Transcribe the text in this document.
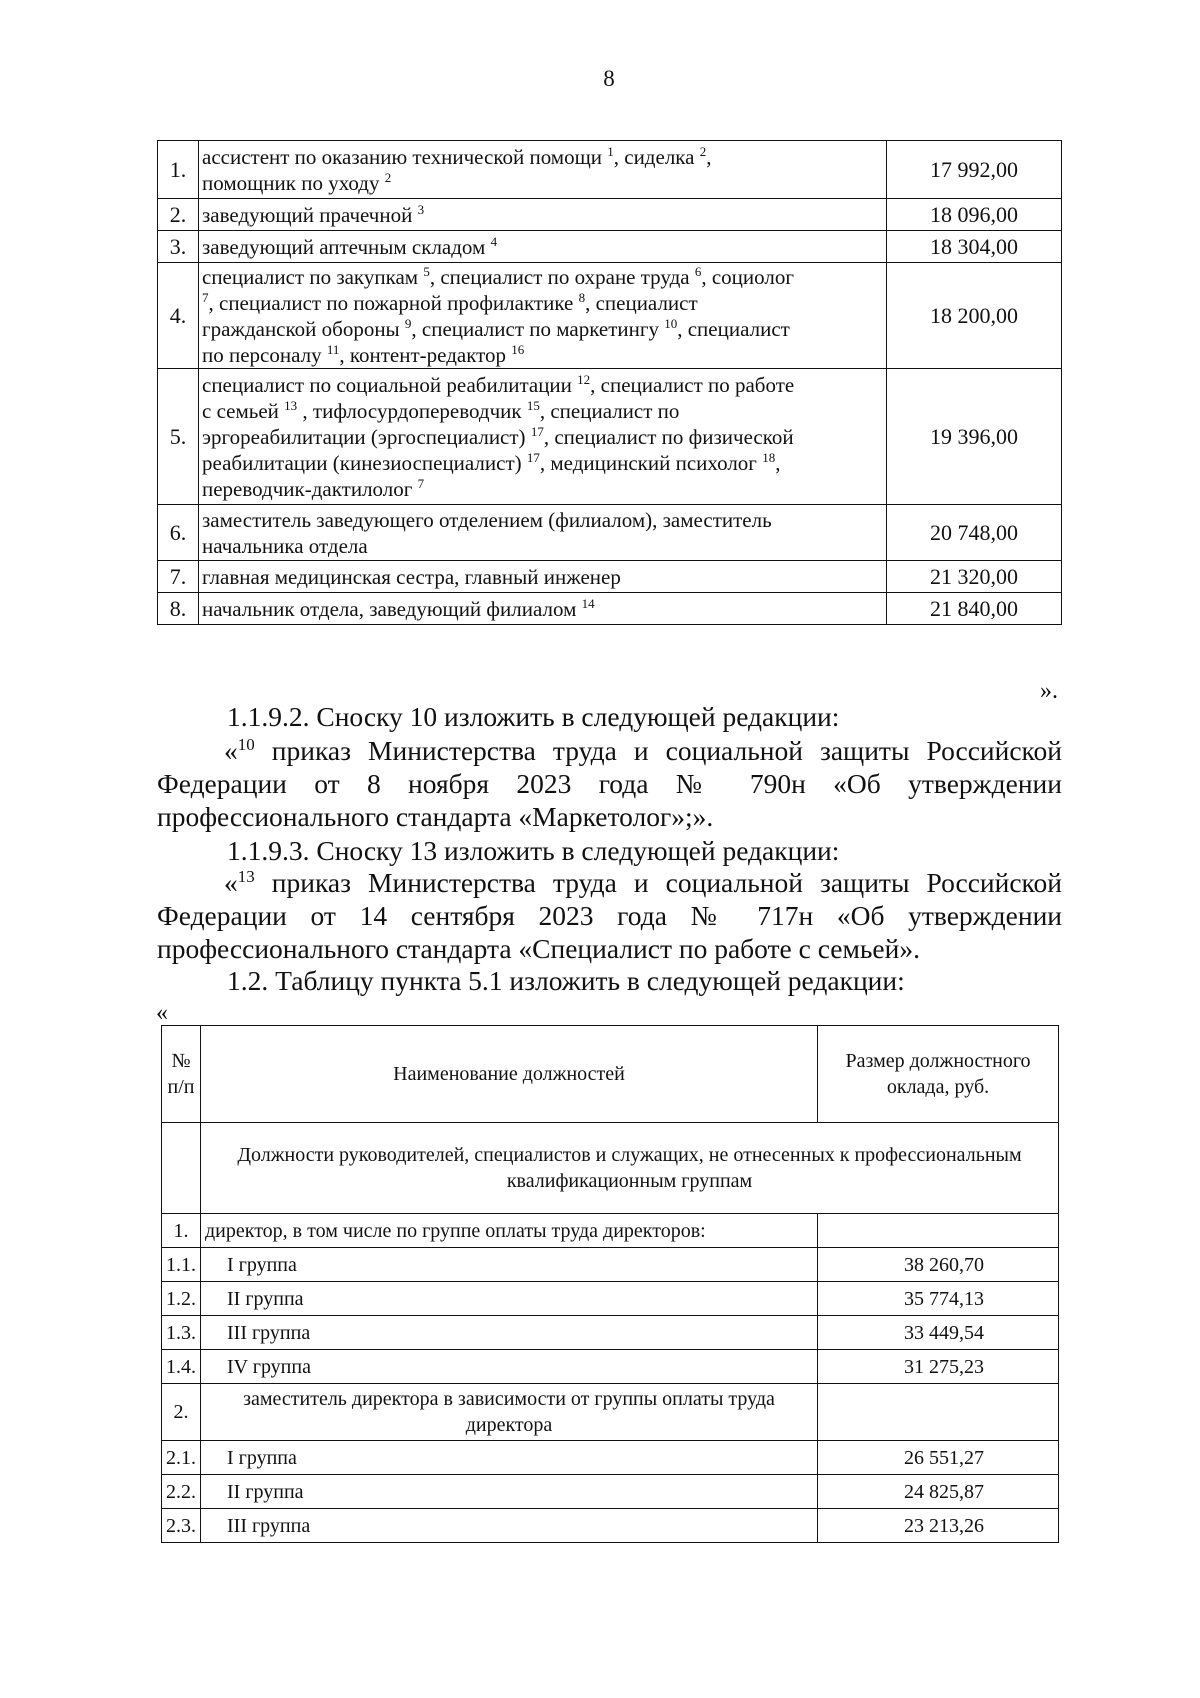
8
1.	ассистент по оказанию технической помощи $^1$, сиделка $^2$,
помощник по уходу $^2$	17 992,00
2.	заведующий прачечной $^3$	18 096,00
3.	заведующий аптечным складом $^4$	18 304,00
4.	специалист по закупкам $^5$, специалист по охране труда $^6$, социолог
$^7$, специалист по пожарной профилактике $^8$, специалист
гражданской обороны $^9$, специалист по маркетингу $^{10}$, специалист
по персоналу $^{11}$, контент-редактор $^{16}$	18 200,00
5.	специалист по социальной реабилитации $^{12}$, специалист по работе
с семьей $^{13}$ , тифлосурдопереводчик $^{15}$, специалист по
эргореабилитации (эргоспециалист) $^{17}$, специалист по физической
реабилитации (кинезиоспециалист) $^{17}$, медицинский психолог $^{18}$,
переводчик-дактилолог $^7$	19 396,00
6.	заместитель заведующего отделением (филиалом), заместитель
начальника отдела	20 748,00
7.	главная медицинская сестра, главный инженер	21 320,00
8.	начальник отдела, заведующий филиалом $^{14}$	21 840,00
».
1.1.9.2. Сноску 10 изложить в следующей редакции:
«$^{10}$ приказ Министерства труда и социальной защиты Российской Федерации от 8 ноября 2023 года № 790н «Об утверждении профессионального стандарта «Маркетолог»;».
1.1.9.3. Сноску 13 изложить в следующей редакции:
«$^{13}$ приказ Министерства труда и социальной защиты Российской Федерации от 14 сентября 2023 года № 717н «Об утверждении профессионального стандарта «Специалист по работе с семьей».
1.2. Таблицу пункта 5.1 изложить в следующей редакции:
«
№ п/п	Наименование должностей	Размер должностного оклада, руб.
	Должности руководителей, специалистов и служащих, не отнесенных к профессиональным квалификационным группам	
1.	директор, в том числе по группе оплаты труда директоров:	
1.1.	I группа	38 260,70
1.2.	II группа	35 774,13
1.3.	III группа	33 449,54
1.4.	IV группа	31 275,23
2.	заместитель директора в зависимости от группы оплаты труда директора	
2.1.	I группа	26 551,27
2.2.	II группа	24 825,87
2.3.	III группа	23 213,26
